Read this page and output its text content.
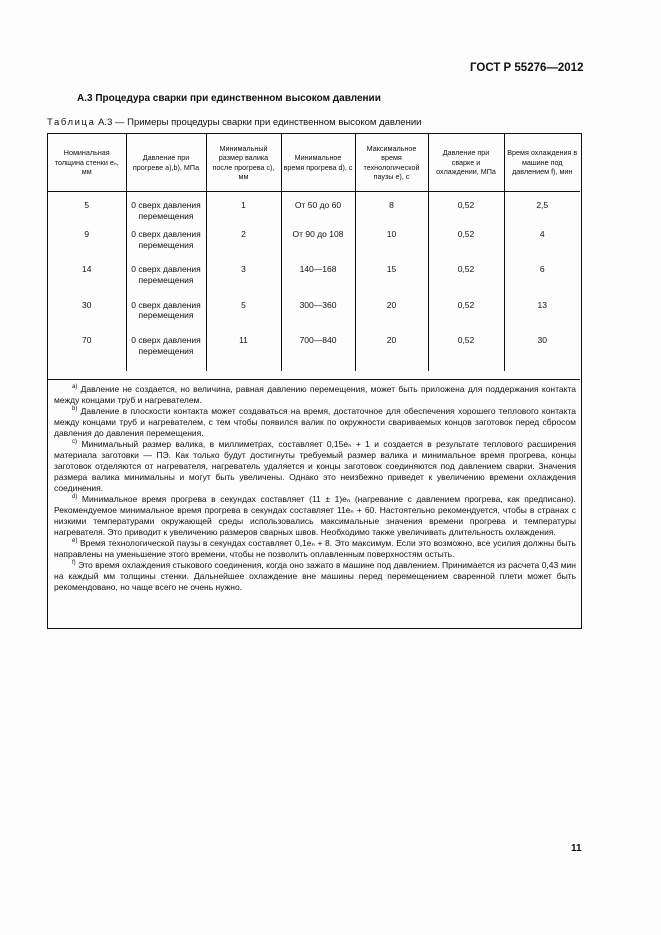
ГОСТ Р 55276—2012
А.3 Процедура сварки при единственном высоком давлении
Таблица А.3 — Примеры процедуры сварки при единственном высоком давлении
Номинальная толщина стенки eₙ, мм	Давление при прогреве a),b), МПа	Минимальный размер валика после прогрева c), мм	Минимальное время прогрева d), с	Максимальное время технологической паузы e), с	Давление при сварке и охлаждении, МПа	Время охлаждения в машине под давлением f), мин
5	0 сверх давления перемещения	1	От 50 до 60	8	0,52	2,5
9	0 сверх давления перемещения	2	От 90 до 108	10	0,52	4
14	0 сверх давления перемещения	3	140—168	15	0,52	6
30	0 сверх давления перемещения	5	300—360	20	0,52	13
70	0 сверх давления перемещения	11	700—840	20	0,52	30

$^{a)}$ Давление не создается, но величина, равная давлению перемещения, может быть приложена для поддержания контакта между концами труб и нагревателем.

$^{b)}$ Давление в плоскости контакта может создаваться на время, достаточное для обеспечения хорошего теплового контакта между концами труб и нагревателем, с тем чтобы появился валик по окружности свариваемых концов заготовок перед сбросом давления до давления перемещения.

$^{c)}$ Минимальный размер валика, в миллиметрах, составляет 0,15eₙ + 1 и создается в результате теплового расширения материала заготовки — ПЭ. Как только будут достигнуты требуемый размер валика и минимальное время прогрева, концы заготовок отделяются от нагревателя, нагреватель удаляется и концы заготовок соединяются под давлением сварки. Значения размера валика минимальны и могут быть увеличены. Однако это неизбежно приведет к увеличению времени охлаждения соединения.

$^{d)}$ Минимальное время прогрева в секундах составляет (11 ± 1)eₙ (нагревание с давлением прогрева, как предписано). Рекомендуемое минимальное время прогрева в секундах составляет 11eₙ + 60. Настоятельно рекомендуется, чтобы в странах с низкими температурами окружающей среды использовались максимальные значения времени прогрева и температуры нагревателя. Это приводит к увеличению размеров сварных швов. Необходимо также увеличивать длительность охлаждения.

$^{e)}$ Время технологической паузы в секундах составляет 0,1eₙ + 8. Это максимум. Если это возможно, все усилия должны быть направлены на уменьшение этого времени, чтобы не позволить оплавленным поверхностям остыть.

$^{f)}$ Это время охлаждения стыкового соединения, когда оно зажато в машине под давлением. Принимается из расчета 0,43 мин на каждый мм толщины стенки. Дальнейшее охлаждение вне машины перед перемещением сваренной плети может быть рекомендовано, но чаще всего не очень нужно.

11
